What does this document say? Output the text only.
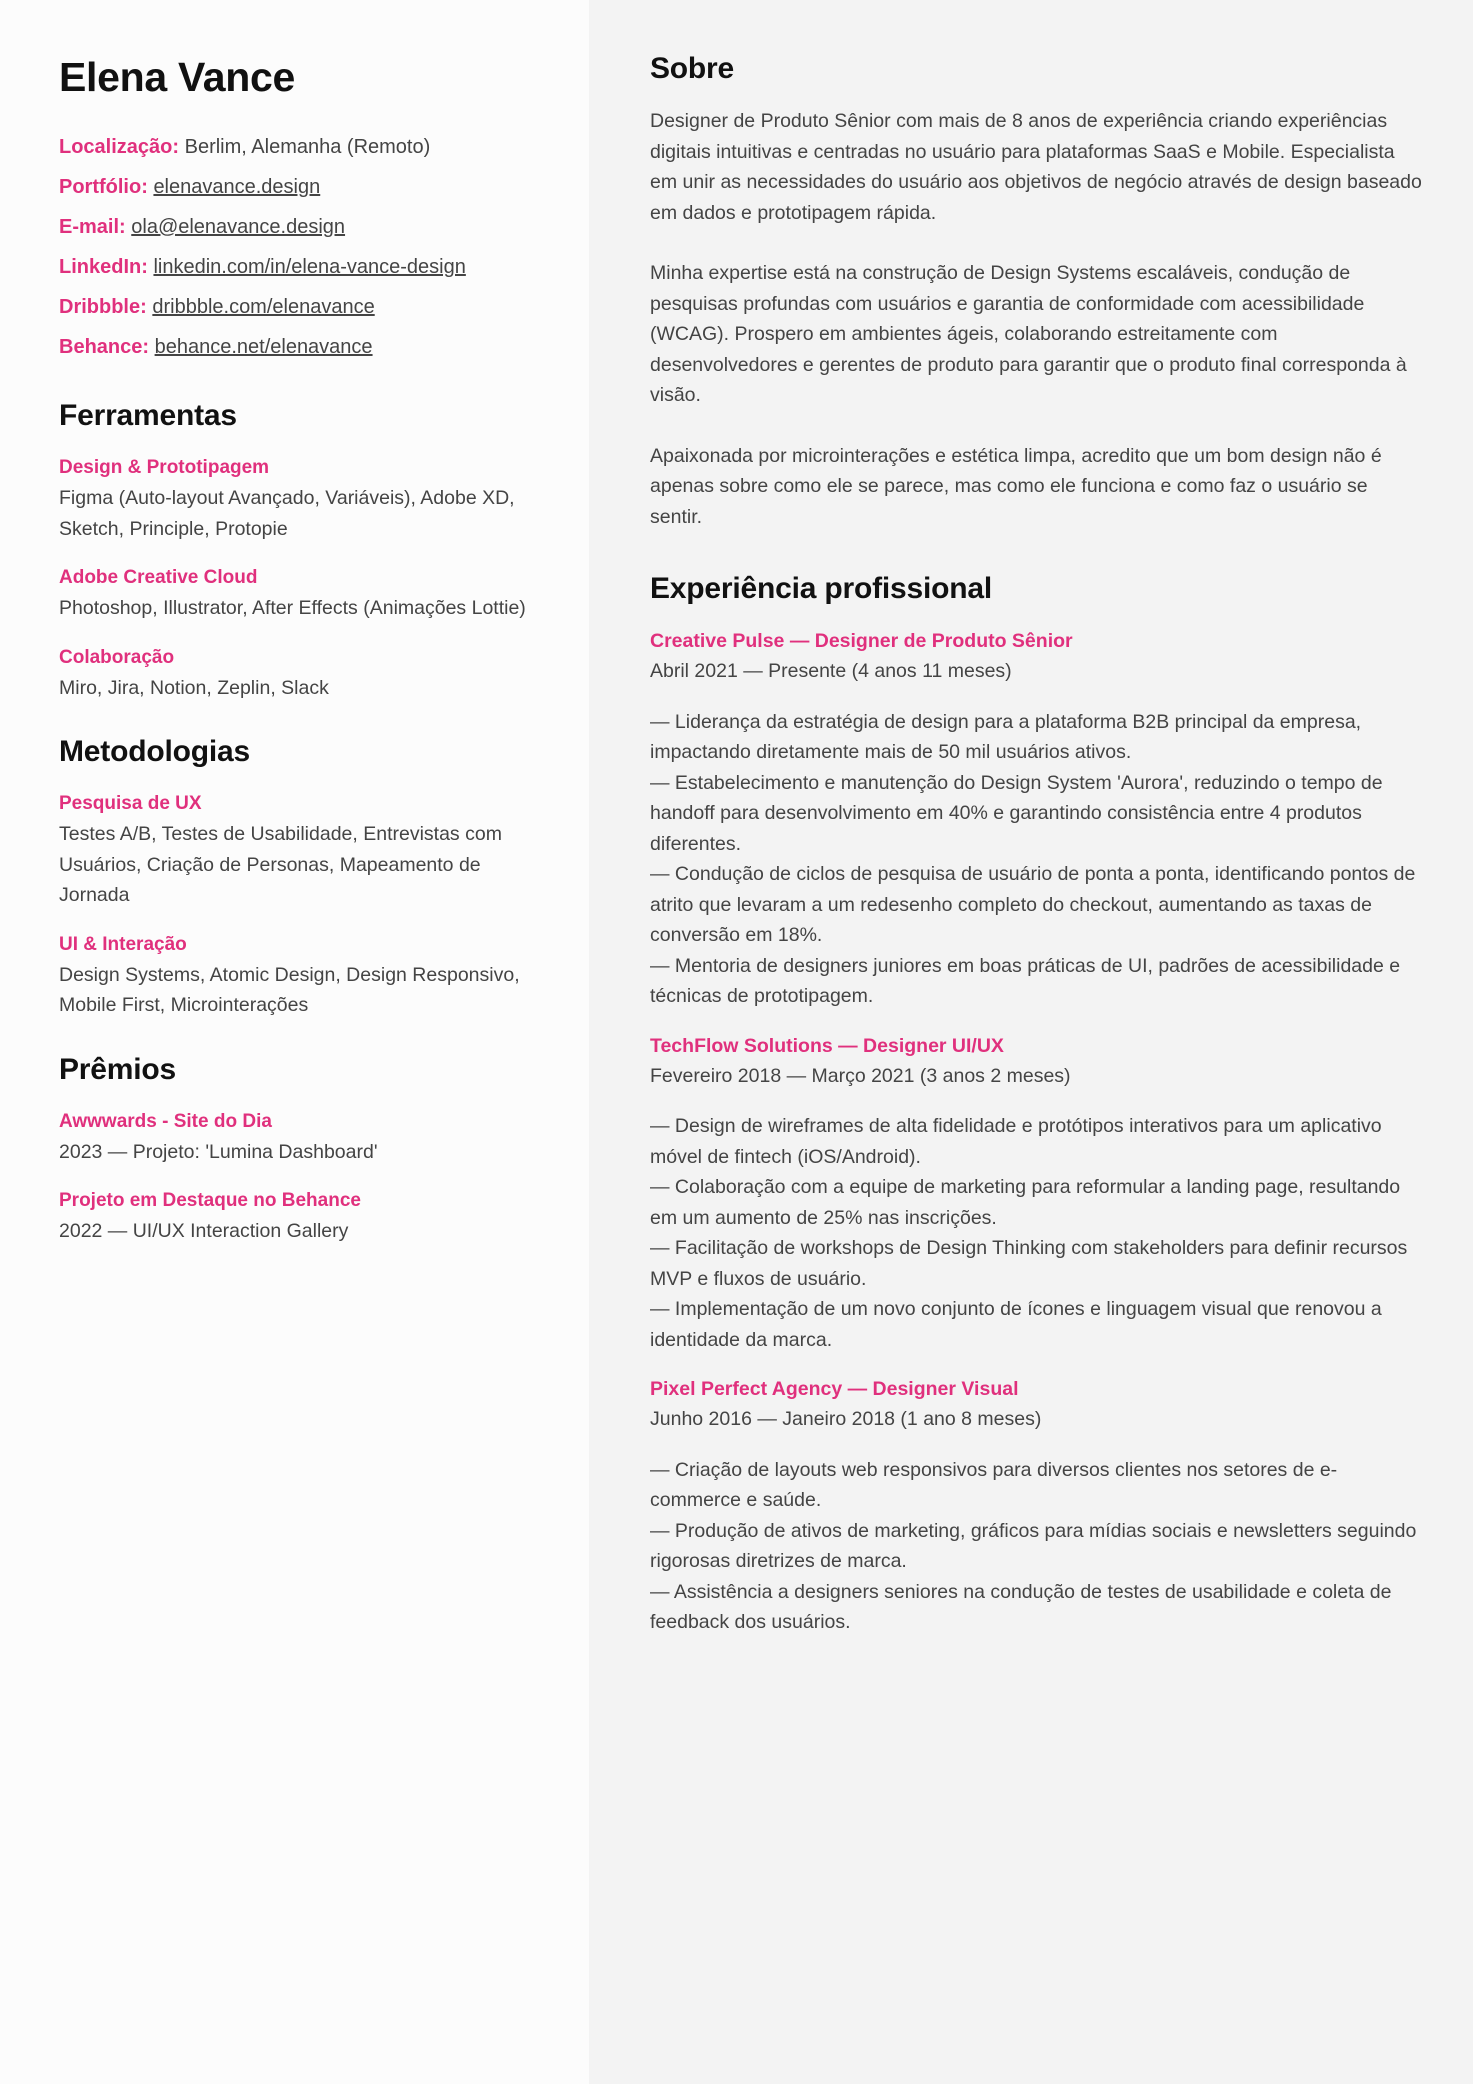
Elena Vance
Localização: Berlim, Alemanha (Remoto)
Portfólio: elenavance.design
E-mail: ola@elenavance.design
LinkedIn: linkedin.com/in/elena-vance-design
Dribbble: dribbble.com/elenavance
Behance: behance.net/elenavance
Ferramentas
Design & Prototipagem
Figma (Auto-layout Avançado, Variáveis), Adobe XD, Sketch, Principle, Protopie
Adobe Creative Cloud
Photoshop, Illustrator, After Effects (Animações Lottie)
Colaboração
Miro, Jira, Notion, Zeplin, Slack
Metodologias
Pesquisa de UX
Testes A/B, Testes de Usabilidade, Entrevistas com Usuários, Criação de Personas, Mapeamento de Jornada
UI & Interação
Design Systems, Atomic Design, Design Responsivo, Mobile First, Microinterações
Prêmios
Awwwards - Site do Dia
2023 — Projeto: 'Lumina Dashboard'
Projeto em Destaque no Behance
2022 — UI/UX Interaction Gallery
Sobre

Designer de Produto Sênior com mais de 8 anos de experiência criando experiências digitais intuitivas e centradas no usuário para plataformas SaaS e Mobile. Especialista em unir as necessidades do usuário aos objetivos de negócio através de design baseado em dados e prototipagem rápida.

Minha expertise está na construção de Design Systems escaláveis, condução de pesquisas profundas com usuários e garantia de conformidade com acessibilidade (WCAG). Prospero em ambientes ágeis, colaborando estreitamente com desenvolvedores e gerentes de produto para garantir que o produto final corresponda à visão.

Apaixonada por microinterações e estética limpa, acredito que um bom design não é apenas sobre como ele se parece, mas como ele funciona e como faz o usuário se sentir.

Experiência profissional
Creative Pulse — Designer de Produto Sênior
Abril 2021 — Presente (4 anos 11 meses)
— Liderança da estratégia de design para a plataforma B2B principal da empresa, impactando diretamente mais de 50 mil usuários ativos.
— Estabelecimento e manutenção do Design System 'Aurora', reduzindo o tempo de handoff para desenvolvimento em 40% e garantindo consistência entre 4 produtos diferentes.
— Condução de ciclos de pesquisa de usuário de ponta a ponta, identificando pontos de atrito que levaram a um redesenho completo do checkout, aumentando as taxas de conversão em 18%.
— Mentoria de designers juniores em boas práticas de UI, padrões de acessibilidade e técnicas de prototipagem.
TechFlow Solutions — Designer UI/UX
Fevereiro 2018 — Março 2021 (3 anos 2 meses)
— Design de wireframes de alta fidelidade e protótipos interativos para um aplicativo móvel de fintech (iOS/Android).
— Colaboração com a equipe de marketing para reformular a landing page, resultando em um aumento de 25% nas inscrições.
— Facilitação de workshops de Design Thinking com stakeholders para definir recursos MVP e fluxos de usuário.
— Implementação de um novo conjunto de ícones e linguagem visual que renovou a identidade da marca.
Pixel Perfect Agency — Designer Visual
Junho 2016 — Janeiro 2018 (1 ano 8 meses)
— Criação de layouts web responsivos para diversos clientes nos setores de e-commerce e saúde.
— Produção de ativos de marketing, gráficos para mídias sociais e newsletters seguindo rigorosas diretrizes de marca.
— Assistência a designers seniores na condução de testes de usabilidade e coleta de feedback dos usuários.
